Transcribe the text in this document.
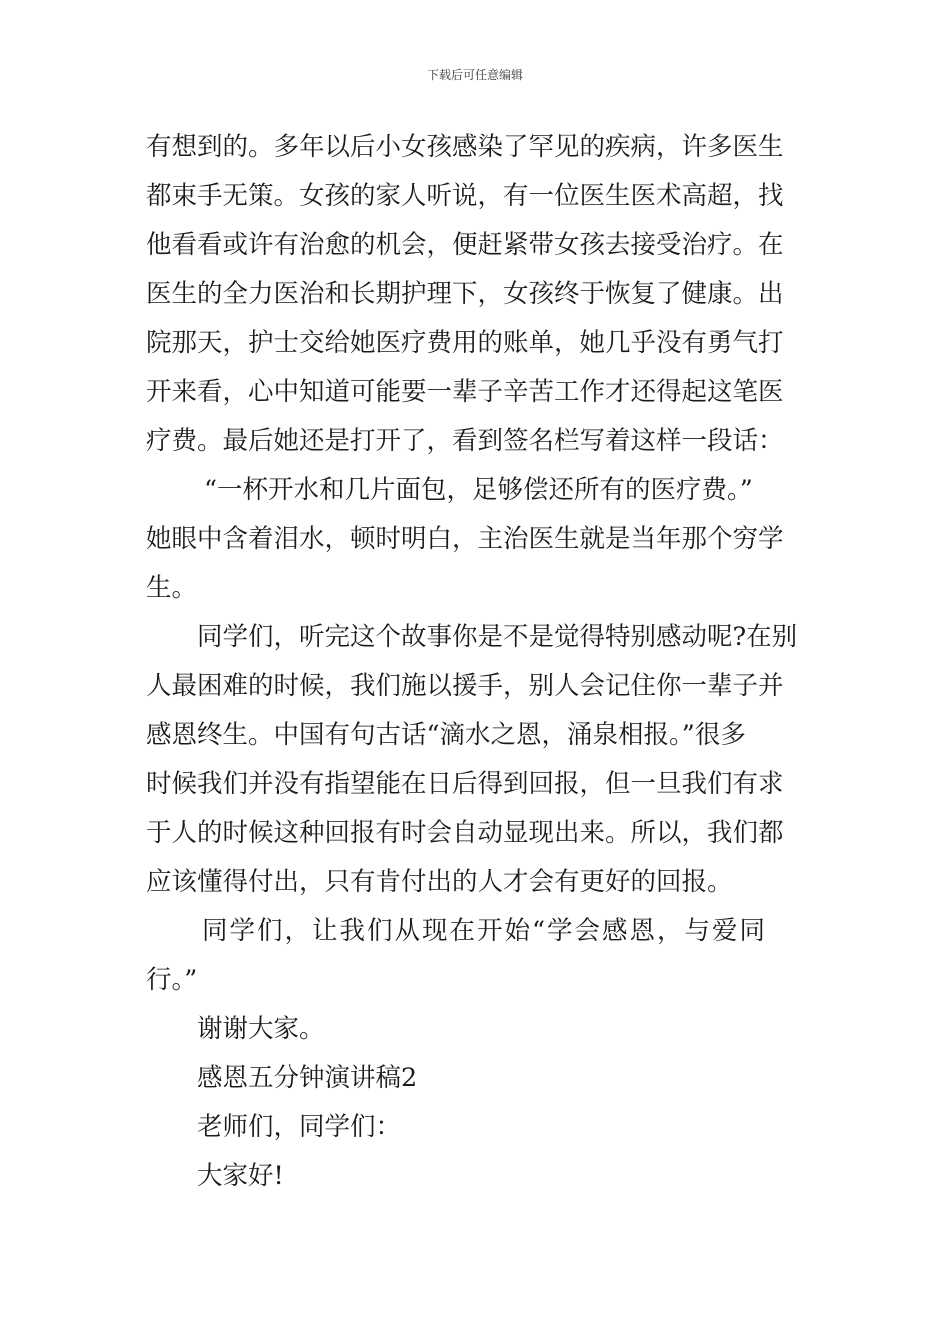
下载后可任意编辑

有想到的。多年以后小女孩感染了罕见的疾病，许多医生
都束手无策。女孩的家人听说，有一位医生医术高超，找
他看看或许有治愈的机会，便赶紧带女孩去接受治疗。在
医生的全力医治和长期护理下，女孩终于恢复了健康。出
院那天，护士交给她医疗费用的账单，她几乎没有勇气打
开来看，心中知道可能要一辈子辛苦工作才还得起这笔医
疗费。最后她还是打开了，看到签名栏写着这样一段话：

“一杯开水和几片面包，足够偿还所有的医疗费。”
她眼中含着泪水，顿时明白，主治医生就是当年那个穷学
生。

同学们，听完这个故事你是不是觉得特别感动呢?在别
人最困难的时候，我们施以援手，别人会记住你一辈子并
感恩终生。中国有句古话“滴水之恩，涌泉相报。”很多
时候我们并没有指望能在日后得到回报，但一旦我们有求
于人的时候这种回报有时会自动显现出来。所以，我们都
应该懂得付出，只有肯付出的人才会有更好的回报。

同学们，让我们从现在开始“学会感恩，与爱同
行。”

谢谢大家。

感恩五分钟演讲稿2

老师们，同学们：

大家好!
